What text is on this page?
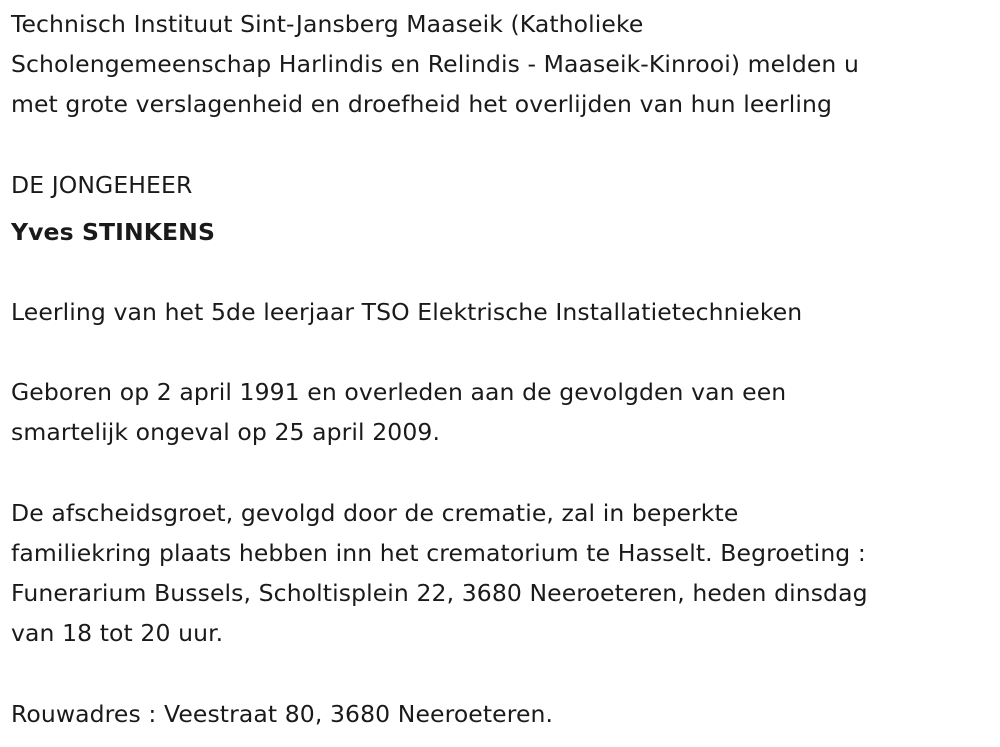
Technisch Instituut Sint-Jansberg Maaseik (Katholieke
Scholengemeenschap Harlindis en Relindis - Maaseik-Kinrooi) melden u
met grote verslagenheid en droefheid het overlijden van hun leerling
DE JONGEHEER
Yves STINKENS
Leerling van het 5de leerjaar TSO Elektrische Installatietechnieken
Geboren op 2 april 1991 en overleden aan de gevolgden van een
smartelijk ongeval op 25 april 2009.
De afscheidsgroet, gevolgd door de crematie, zal in beperkte
familiekring plaats hebben inn het crematorium te Hasselt. Begroeting :
Funerarium Bussels, Scholtisplein 22, 3680 Neeroeteren, heden dinsdag
van 18 tot 20 uur.
Rouwadres : Veestraat 80, 3680 Neeroeteren.
